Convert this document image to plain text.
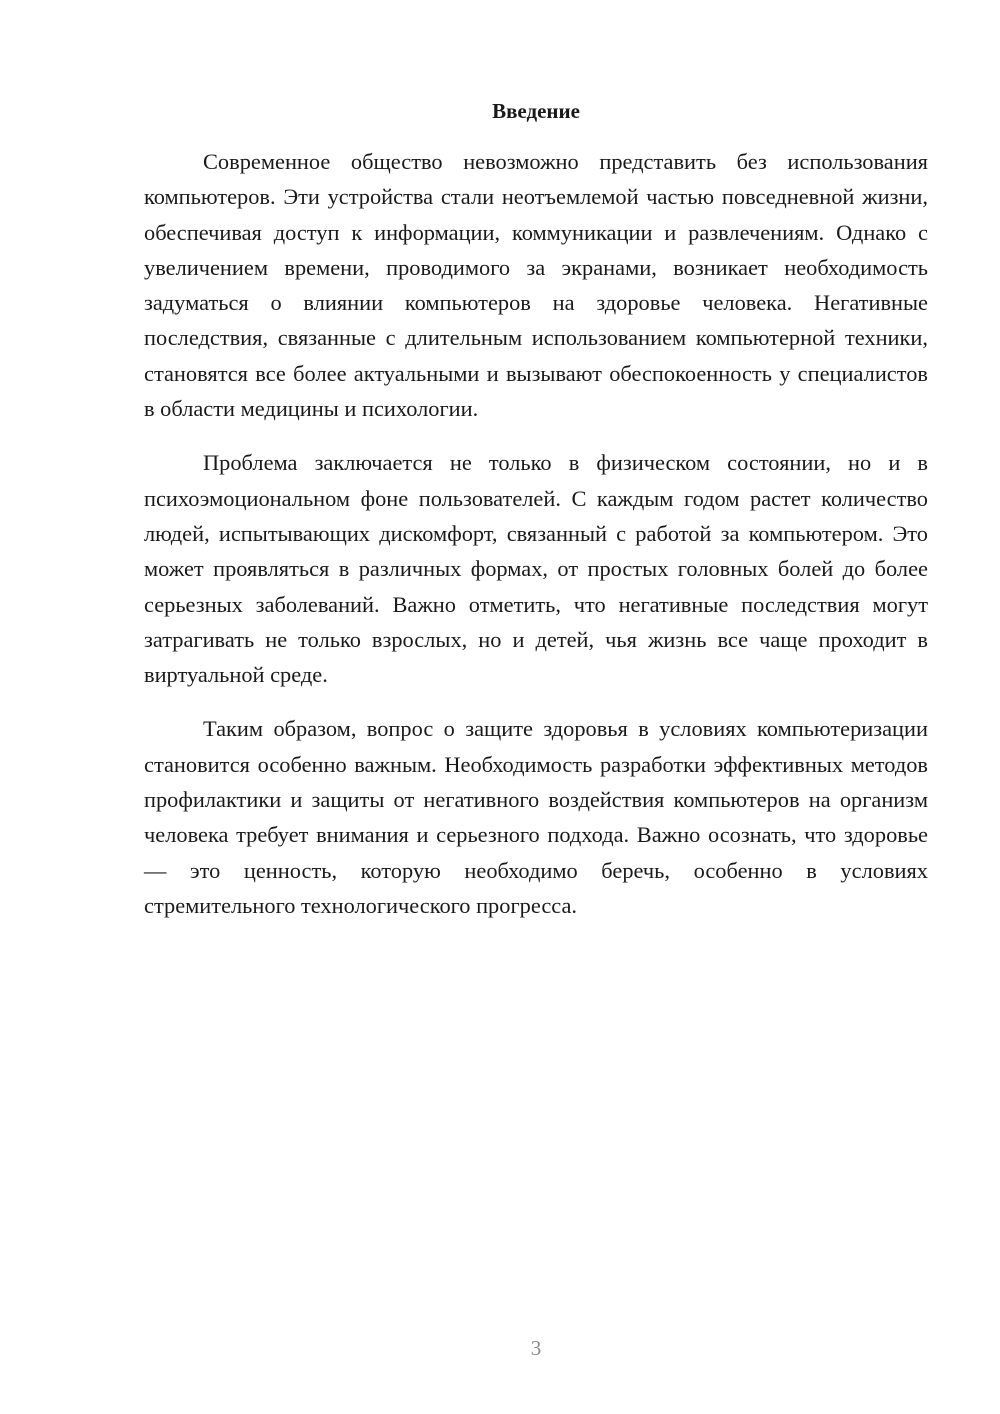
Введение

Современное общество невозможно представить без использования компьютеров. Эти устройства стали неотъемлемой частью повседневной жизни, обеспечивая доступ к информации, коммуникации и развлечениям. Однако с увеличением времени, проводимого за экранами, возникает необходимость задуматься о влиянии компьютеров на здоровье человека. Негативные последствия, связанные с длительным использованием компьютерной техники, становятся все более актуальными и вызывают обеспокоенность у специалистов в области медицины и психологии.

Проблема заключается не только в физическом состоянии, но и в психоэмоциональном фоне пользователей. С каждым годом растет количество людей, испытывающих дискомфорт, связанный с работой за компьютером. Это может проявляться в различных формах, от простых головных болей до более серьезных заболеваний. Важно отметить, что негативные последствия могут затрагивать не только взрослых, но и детей, чья жизнь все чаще проходит в виртуальной среде.

Таким образом, вопрос о защите здоровья в условиях компьютеризации становится особенно важным. Необходимость разработки эффективных методов профилактики и защиты от негативного воздействия компьютеров на организм человека требует внимания и серьезного подхода. Важно осознать, что здоровье — это ценность, которую необходимо беречь, особенно в условиях стремительного технологического прогресса.

3
